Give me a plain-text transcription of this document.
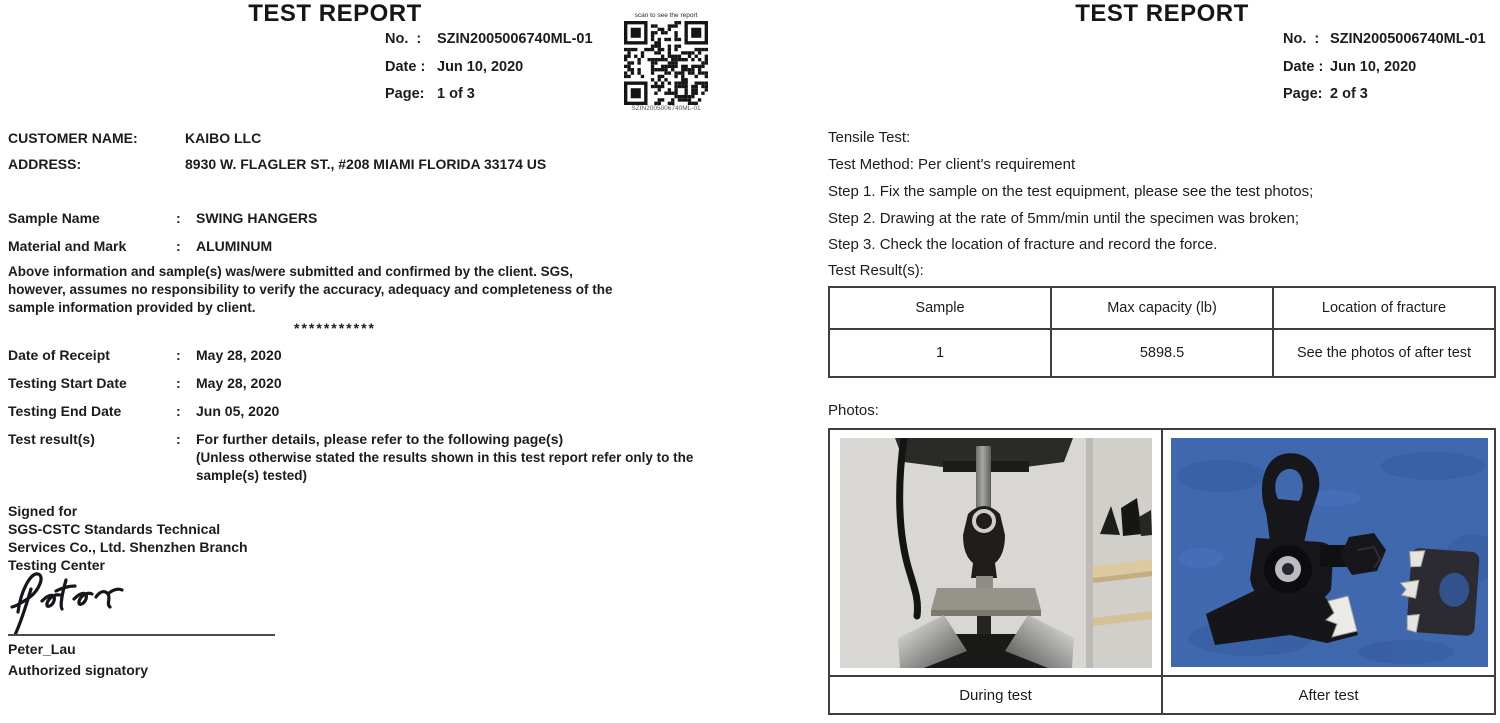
TEST REPORT
No.  : SZIN2005006740ML-01
Date : Jun 10, 2020
Page: 1 of 3
scan to see the report
SZIN2005006740ML-01
CUSTOMER NAME:	KAIBO LLC
ADDRESS:	8930 W. FLAGLER ST., #208 MIAMI FLORIDA 33174 US
Sample Name	: SWING HANGERS
Material and Mark	: ALUMINUM
Above information and sample(s) was/were submitted and confirmed by the client. SGS, however, assumes no responsibility to verify the accuracy, adequacy and completeness of the sample information provided by client.
***********
Date of Receipt	: May 28, 2020
Testing Start Date	: May 28, 2020
Testing End Date	: Jun 05, 2020
Test result(s)	: For further details, please refer to the following page(s)
(Unless otherwise stated the results shown in this test report refer only to the sample(s) tested)
Signed for
SGS-CSTC Standards Technical
Services Co., Ltd. Shenzhen Branch
Testing Center
Peter_Lau
Authorized signatory
TEST REPORT
No.  : SZIN2005006740ML-01
Date : Jun 10, 2020
Page: 2 of 3
Tensile Test:
Test Method: Per client's requirement
Step 1. Fix the sample on the test equipment, please see the test photos;
Step 2. Drawing at the rate of 5mm/min until the specimen was broken;
Step 3. Check the location of fracture and record the force.
Test Result(s):
Sample	Max capacity (lb)	Location of fracture
1	5898.5	See the photos of after test
Photos:
During test	After test
